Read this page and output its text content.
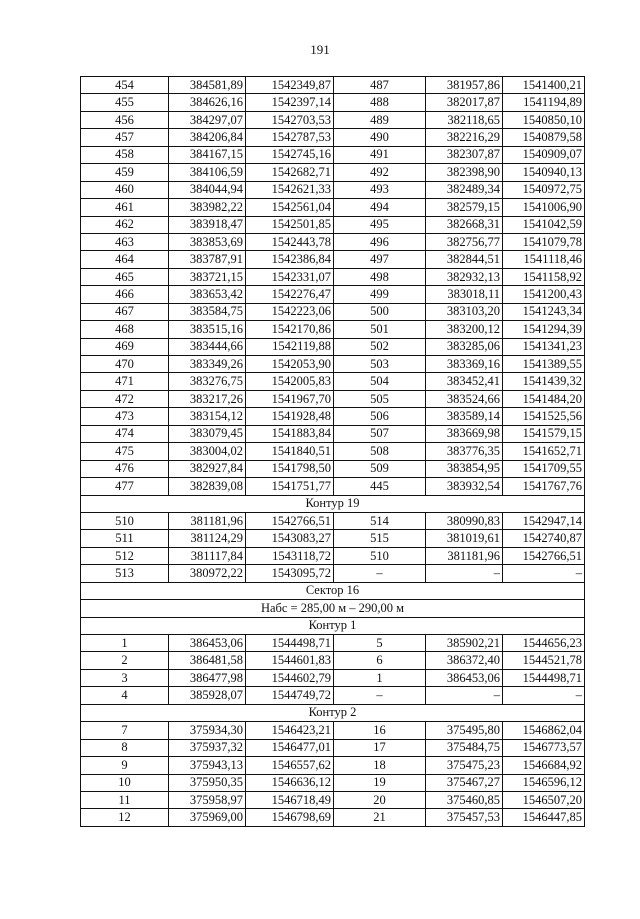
191
454	384581,89	1542349,87	487	381957,86	1541400,21
455	384626,16	1542397,14	488	382017,87	1541194,89
456	384297,07	1542703,53	489	382118,65	1540850,10
457	384206,84	1542787,53	490	382216,29	1540879,58
458	384167,15	1542745,16	491	382307,87	1540909,07
459	384106,59	1542682,71	492	382398,90	1540940,13
460	384044,94	1542621,33	493	382489,34	1540972,75
461	383982,22	1542561,04	494	382579,15	1541006,90
462	383918,47	1542501,85	495	382668,31	1541042,59
463	383853,69	1542443,78	496	382756,77	1541079,78
464	383787,91	1542386,84	497	382844,51	1541118,46
465	383721,15	1542331,07	498	382932,13	1541158,92
466	383653,42	1542276,47	499	383018,11	1541200,43
467	383584,75	1542223,06	500	383103,20	1541243,34
468	383515,16	1542170,86	501	383200,12	1541294,39
469	383444,66	1542119,88	502	383285,06	1541341,23
470	383349,26	1542053,90	503	383369,16	1541389,55
471	383276,75	1542005,83	504	383452,41	1541439,32
472	383217,26	1541967,70	505	383524,66	1541484,20
473	383154,12	1541928,48	506	383589,14	1541525,56
474	383079,45	1541883,84	507	383669,98	1541579,15
475	383004,02	1541840,51	508	383776,35	1541652,71
476	382927,84	1541798,50	509	383854,95	1541709,55
477	382839,08	1541751,77	445	383932,54	1541767,76
Контур 19					
510	381181,96	1542766,51	514	380990,83	1542947,14
511	381124,29	1543083,27	515	381019,61	1542740,87
512	381117,84	1543118,72	510	381181,96	1542766,51
513	380972,22	1543095,72	–	–	–
Сектор 16					
Набс = 285,00 м – 290,00 м					
Контур 1					
1	386453,06	1544498,71	5	385902,21	1544656,23
2	386481,58	1544601,83	6	386372,40	1544521,78
3	386477,98	1544602,79	1	386453,06	1544498,71
4	385928,07	1544749,72	–	–	–
Контур 2					
7	375934,30	1546423,21	16	375495,80	1546862,04
8	375937,32	1546477,01	17	375484,75	1546773,57
9	375943,13	1546557,62	18	375475,23	1546684,92
10	375950,35	1546636,12	19	375467,27	1546596,12
11	375958,97	1546718,49	20	375460,85	1546507,20
12	375969,00	1546798,69	21	375457,53	1546447,85
